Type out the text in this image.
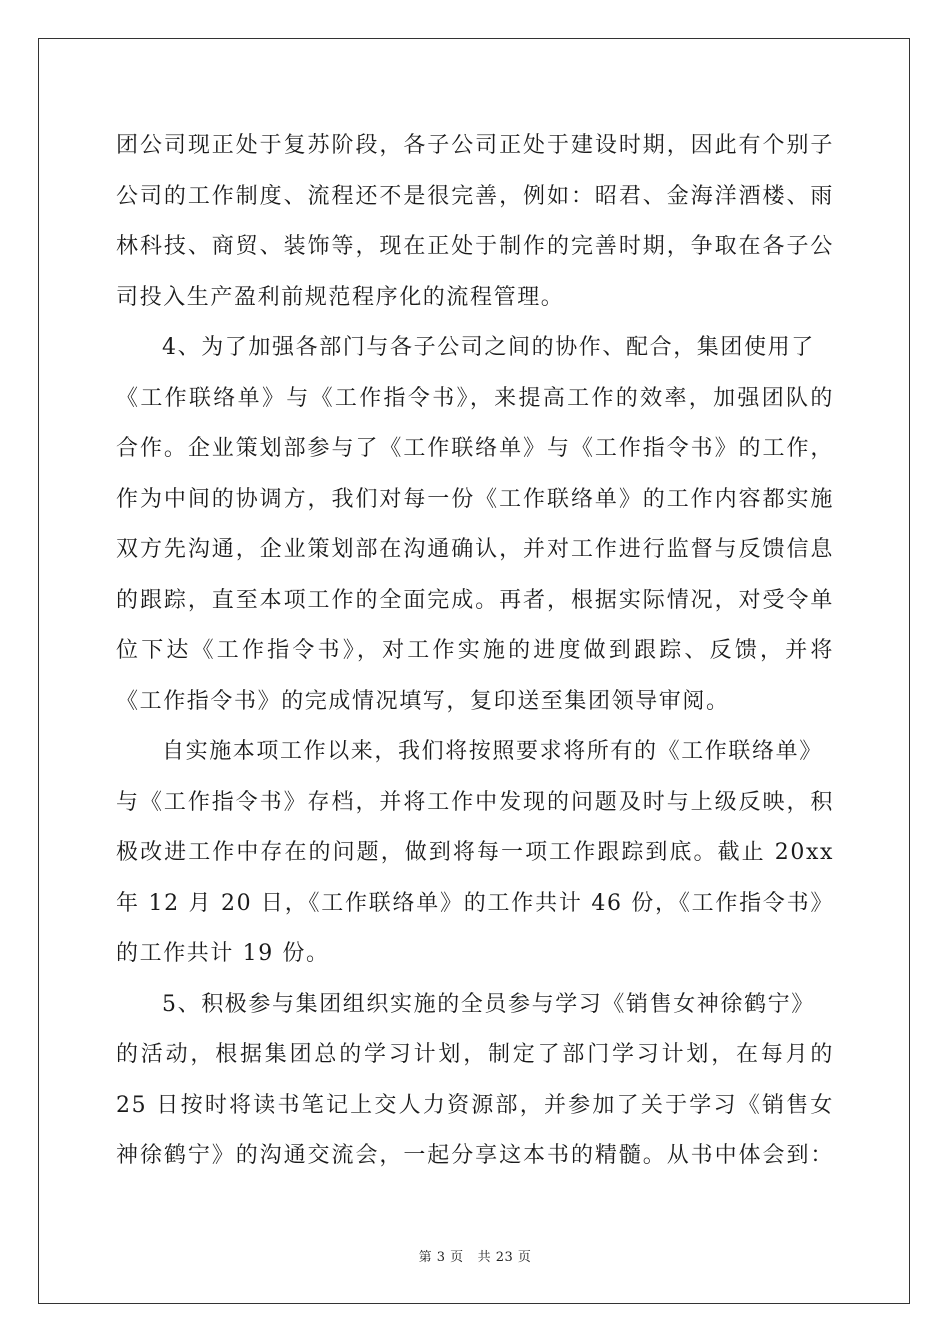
团公司现正处于复苏阶段，各子公司正处于建设时期，因此有个别子
公司的工作制度、流程还不是很完善，例如：昭君、金海洋酒楼、雨
林科技、商贸、装饰等，现在正处于制作的完善时期，争取在各子公
司投入生产盈利前规范程序化的流程管理。
4、为了加强各部门与各子公司之间的协作、配合，集团使用了
《工作联络单》与《工作指令书》，来提高工作的效率，加强团队的
合作。企业策划部参与了《工作联络单》与《工作指令书》的工作，
作为中间的协调方，我们对每一份《工作联络单》的工作内容都实施
双方先沟通，企业策划部在沟通确认，并对工作进行监督与反馈信息
的跟踪，直至本项工作的全面完成。再者，根据实际情况，对受令单
位下达《工作指令书》，对工作实施的进度做到跟踪、反馈，并将
《工作指令书》的完成情况填写，复印送至集团领导审阅。
自实施本项工作以来，我们将按照要求将所有的《工作联络单》
与《工作指令书》存档，并将工作中发现的问题及时与上级反映，积
极改进工作中存在的问题，做到将每一项工作跟踪到底。截止 20xx
年 12 月 20 日，《工作联络单》的工作共计 46 份，《工作指令书》
的工作共计 19 份。
5、积极参与集团组织实施的全员参与学习《销售女神徐鹤宁》
的活动，根据集团总的学习计划，制定了部门学习计划，在每月的
25 日按时将读书笔记上交人力资源部，并参加了关于学习《销售女
神徐鹤宁》的沟通交流会，一起分享这本书的精髓。从书中体会到：
第 3 页 共 23 页
